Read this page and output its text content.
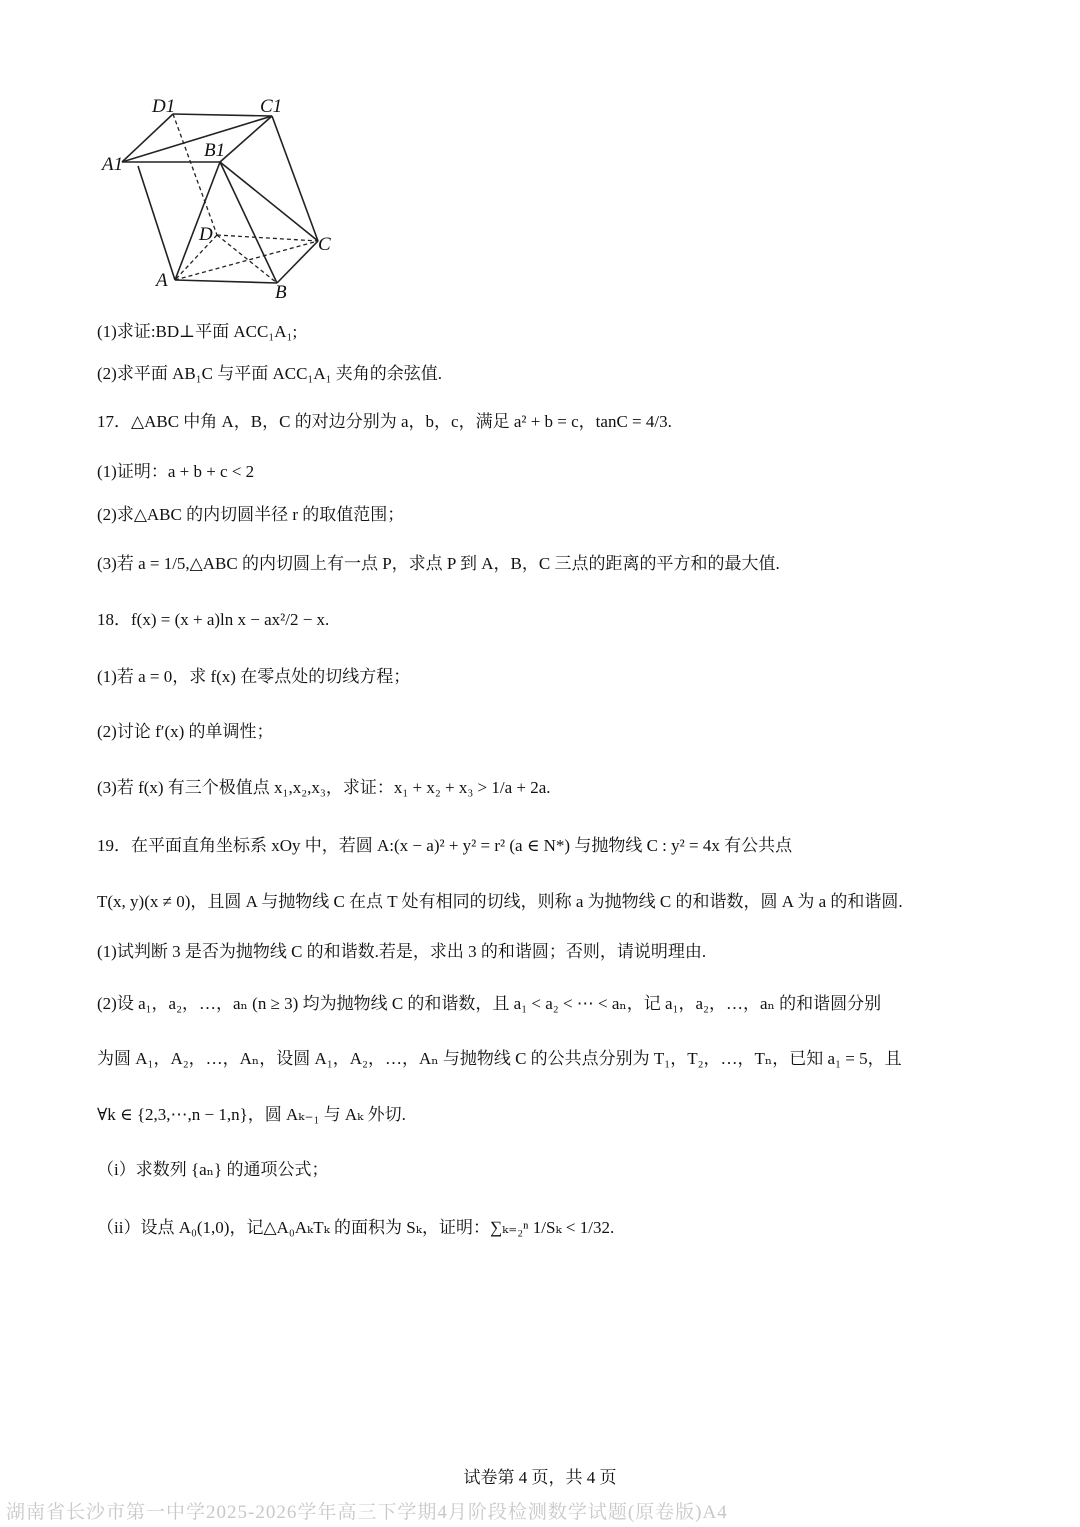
D1	C1
A1
B1
D	C
A
B
(1)求证:BD⊥平面 ACC₁A₁;
(2)求平面 AB₁C 与平面 ACC₁A₁ 夹角的余弦值.
17．△ABC 中角 A，B，C 的对边分别为 a，b，c，满足 a² + b = c，tanC = 4/3.
(1)证明：a + b + c < 2
(2)求△ABC 的内切圆半径 r 的取值范围；
(3)若 a = 1/5,△ABC 的内切圆上有一点 P，求点 P 到 A，B，C 三点的距离的平方和的最大值.
18．f(x) = (x + a)ln x − ax²/2 − x.
(1)若 a = 0，求 f(x) 在零点处的切线方程；
(2)讨论 f′(x) 的单调性；
(3)若 f(x) 有三个极值点 x₁,x₂,x₃，求证：x₁ + x₂ + x₃ > 1/a + 2a.
19．在平面直角坐标系 xOy 中，若圆 A:(x − a)² + y² = r² (a ∈ N*) 与抛物线 C : y² = 4x 有公共点
T(x, y)(x ≠ 0)，且圆 A 与抛物线 C 在点 T 处有相同的切线，则称 a 为抛物线 C 的和谐数，圆 A 为 a 的和谐圆.
(1)试判断 3 是否为抛物线 C 的和谐数.若是，求出 3 的和谐圆；否则，请说明理由.
(2)设 a₁，a₂，…，aₙ (n ≥ 3) 均为抛物线 C 的和谐数，且 a₁ < a₂ < ⋯ < aₙ，记 a₁，a₂，…，aₙ 的和谐圆分别
为圆 A₁，A₂，…，Aₙ，设圆 A₁，A₂，…，Aₙ 与抛物线 C 的公共点分别为 T₁，T₂，…，Tₙ，已知 a₁ = 5，且
∀k ∈ {2,3,⋯,n − 1,n}，圆 Aₖ₋₁ 与 Aₖ 外切.
（i）求数列 {aₙ} 的通项公式；
（ii）设点 A₀(1,0)，记△A₀AₖTₖ 的面积为 Sₖ，证明：∑ₖ₌₂ⁿ 1/Sₖ < 1/32.
试卷第 4 页，共 4 页
湖南省长沙市第一中学2025-2026学年高三下学期4月阶段检测数学试题(原卷版)A4
